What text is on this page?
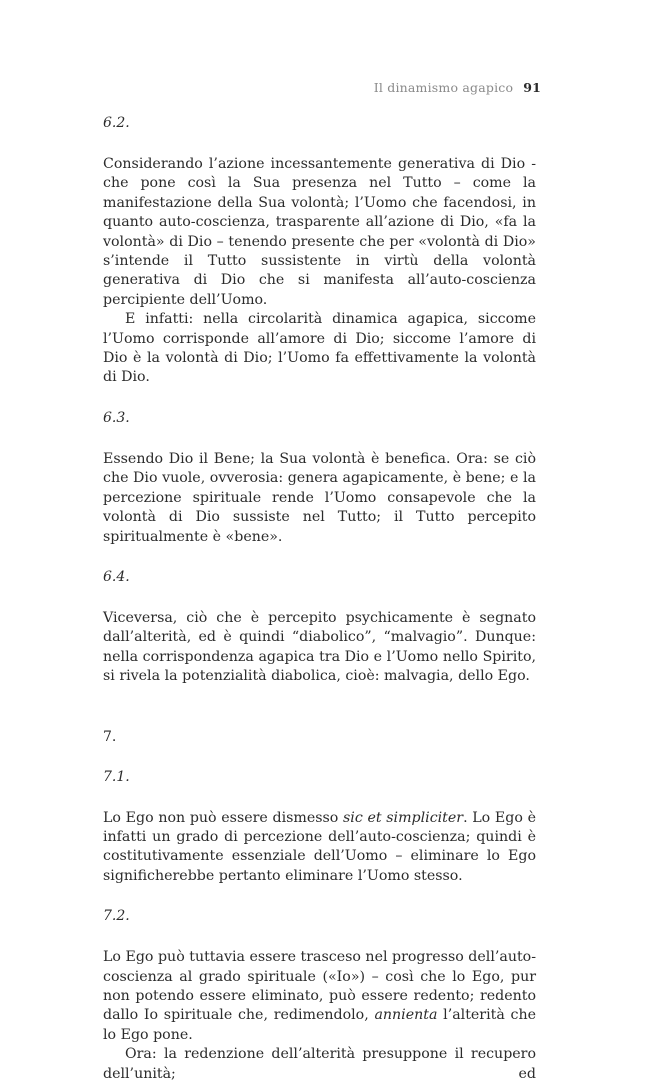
Il dinamismo agapico 91
6.2.

Considerando l’azione incessantemente generativa di Dio - che pone così la Sua presenza nel Tutto – come la manifestazione della Sua volontà; l’Uomo che facendosi, in quanto auto-coscienza, trasparente all’azione di Dio, «fa la volontà» di Dio – tenendo presente che per «volontà di Dio» s’intende il Tutto sussistente in virtù della volontà generativa di Dio che si manifesta all’auto-coscienza percipiente dell’Uomo.

E infatti: nella circolarità dinamica agapica, siccome l’Uomo corrisponde all’amore di Dio; siccome l’amore di Dio è la volontà di Dio; l’Uomo fa effettivamente la volontà di Dio.

6.3.

Essendo Dio il Bene; la Sua volontà è benefica. Ora: se ciò che Dio vuole, ovverosia: genera agapicamente, è bene; e la percezione spirituale rende l’Uomo consapevole che la volontà di Dio sussiste nel Tutto; il Tutto percepito spiritualmente è «bene».

6.4.

Viceversa, ciò che è percepito psychicamente è segnato dall’alterità, ed è quindi “diabolico”, “malvagio”. Dunque: nella corrispondenza agapica tra Dio e l’Uomo nello Spirito, si rivela la potenzialità diabolica, cioè: malvagia, dello Ego.

7.
7.1.

Lo Ego non può essere dismesso sic et simpliciter. Lo Ego è infatti un grado di percezione dell’auto-coscienza; quindi è costitutivamente essenziale dell’Uomo – eliminare lo Ego significherebbe pertanto eliminare l’Uomo stesso.

7.2.

Lo Ego può tuttavia essere trasceso nel progresso dell’auto-coscienza al grado spirituale («Io») – così che lo Ego, pur non potendo essere eliminato, può essere redento; redento dallo Io spirituale che, redimendolo, annienta l’alterità che lo Ego pone.

Ora: la redenzione dell’alterità presuppone il recupero dell’unità; ed
